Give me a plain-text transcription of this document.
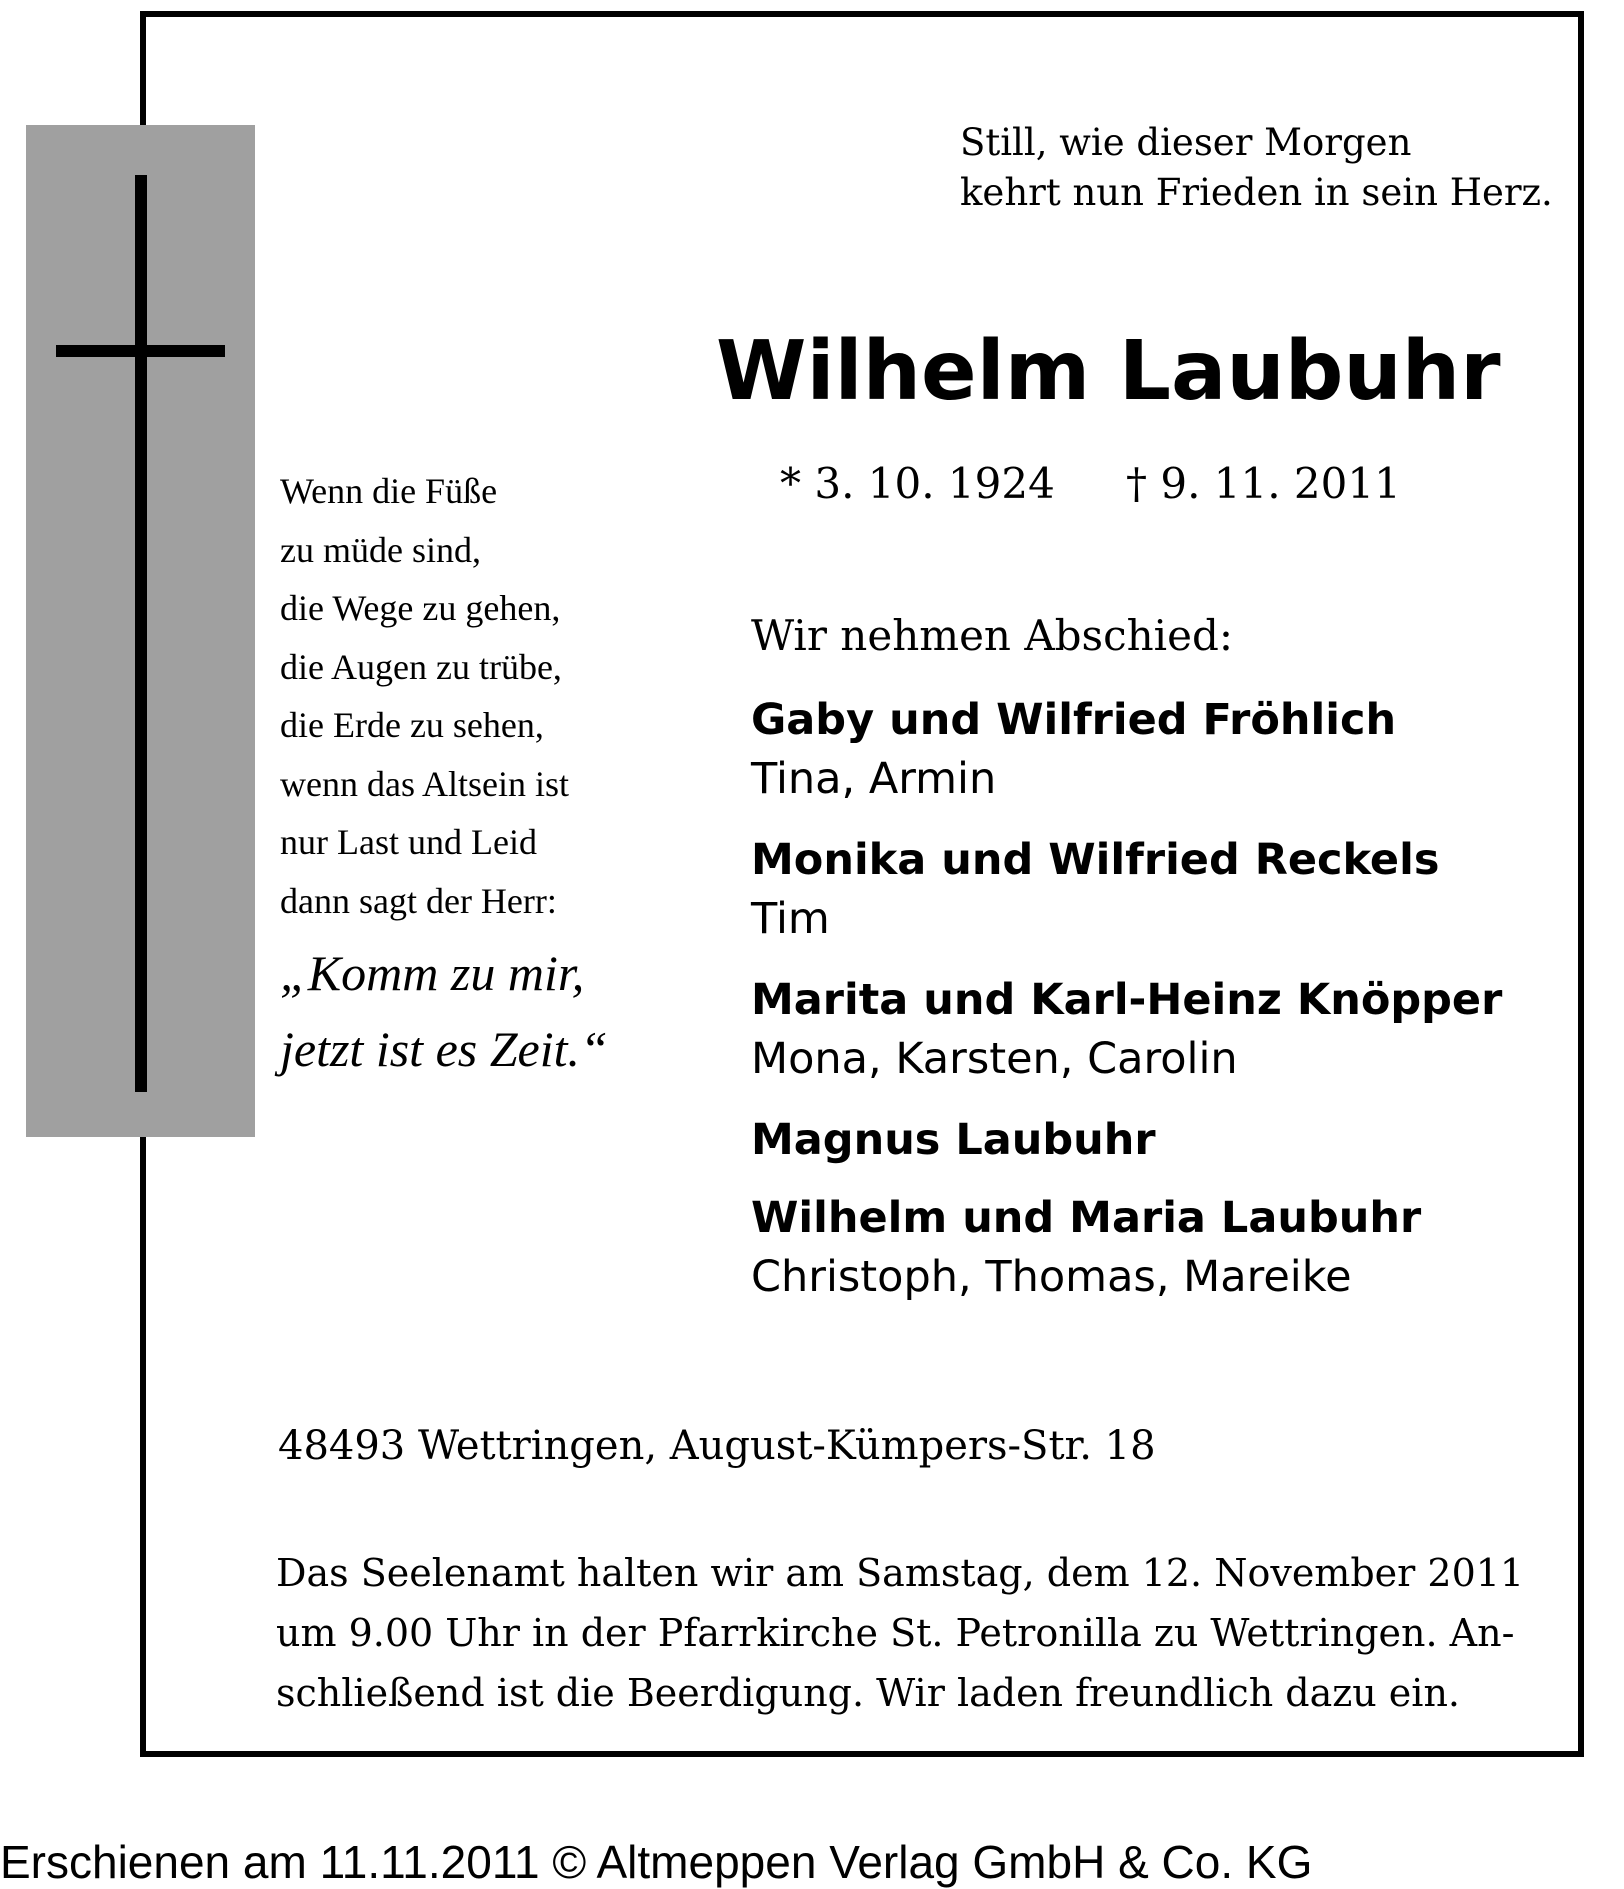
Still, wie dieser Morgen
kehrt nun Frieden in sein Herz.
Wilhelm Laubuhr
* 3. 10. 1924 † 9. 11. 2011
Wenn die Füße
zu müde sind,
die Wege zu gehen,
die Augen zu trübe,
die Erde zu sehen,
wenn das Altsein ist
nur Last und Leid
dann sagt der Herr:
„Komm zu mir,
jetzt ist es Zeit.“
Wir nehmen Abschied:
Gaby und Wilfried Fröhlich
Tina, Armin
Monika und Wilfried Reckels
Tim
Marita und Karl-Heinz Knöpper
Mona, Karsten, Carolin
Magnus Laubuhr
Wilhelm und Maria Laubuhr
Christoph, Thomas, Mareike
48493 Wettringen, August-Kümpers-Str. 18
Das Seelenamt halten wir am Samstag, dem 12. November 2011
um 9.00 Uhr in der Pfarrkirche St. Petronilla zu Wettringen. An-
schließend ist die Beerdigung. Wir laden freundlich dazu ein.
Erschienen am 11.11.2011 © Altmeppen Verlag GmbH & Co. KG
